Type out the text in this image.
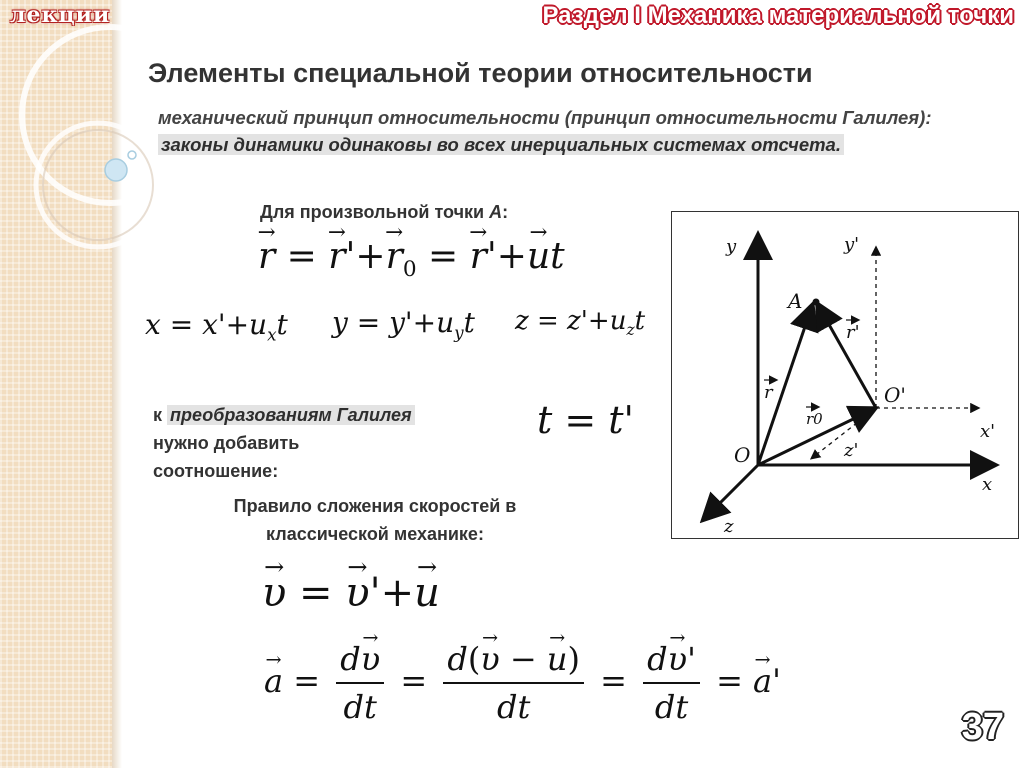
лекции	Раздел I Механика материальной точки
Элементы специальной теории относительности
механический принцип относительности (принцип относительности Галилея): законы динамики одинаковы во всех инерциальных системах отсчета.
Для произвольной точки A:
→ r = → $r'+\to r_0$ = → r'+→ ut
$x = x'+u_xt$ $y = y'+u_yt$ $z = z'+u_zt$
к преобразованиям Галилея
нужно добавить соотношение:
t = t'
Правило сложения скоростей в классической механике:
→ υ = → υ'+→ u
→ $a = \frac{d\to \upsilon}{dt} = \frac{d(\to \upsilon - \to u)}{dt} = \frac{d\to \upsilon'}{dt}$ = → a'
y	y'
x
x'
z
z'
O
O'
A
r
r'
r0
37
